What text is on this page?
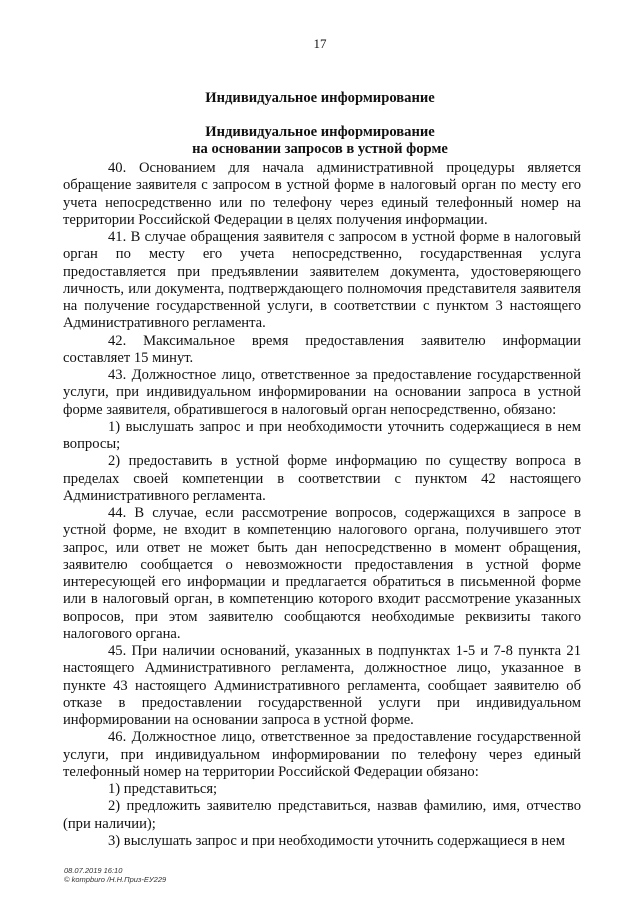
17
Индивидуальное информирование
Индивидуальное информирование
на основании запросов в устной форме

40. Основанием для начала административной процедуры является обращение заявителя с запросом в устной форме в налоговый орган по месту его учета непосредственно или по телефону через единый телефонный номер на территории Российской Федерации в целях получения информации.

41. В случае обращения заявителя с запросом в устной форме в налоговый орган по месту его учета непосредственно, государственная услуга предоставляется при предъявлении заявителем документа, удостоверяющего личность, или документа, подтверждающего полномочия представителя заявителя на получение государственной услуги, в соответствии с пунктом 3 настоящего Административного регламента.

42. Максимальное время предоставления заявителю информации составляет 15 минут.

43. Должностное лицо, ответственное за предоставление государственной услуги, при индивидуальном информировании на основании запроса в устной форме заявителя, обратившегося в налоговый орган непосредственно, обязано:

1) выслушать запрос и при необходимости уточнить содержащиеся в нем вопросы;

2) предоставить в устной форме информацию по существу вопроса в пределах своей компетенции в соответствии с пунктом 42 настоящего Административного регламента.

44. В случае, если рассмотрение вопросов, содержащихся в запросе в устной форме, не входит в компетенцию налогового органа, получившего этот запрос, или ответ не может быть дан непосредственно в момент обращения, заявителю сообщается о невозможности предоставления в устной форме интересующей его информации и предлагается обратиться в письменной форме или в налоговый орган, в компетенцию которого входит рассмотрение указанных вопросов, при этом заявителю сообщаются необходимые реквизиты такого налогового органа.

45. При наличии оснований, указанных в подпунктах 1-5 и 7-8 пункта 21 настоящего Административного регламента, должностное лицо, указанное в пункте 43 настоящего Административного регламента, сообщает заявителю об отказе в предоставлении государственной услуги при индивидуальном информировании на основании запроса в устной форме.

46. Должностное лицо, ответственное за предоставление государственной услуги, при индивидуальном информировании по телефону через единый телефонный номер на территории Российской Федерации обязано:

1) представиться;

2) предложить заявителю представиться, назвав фамилию, имя, отчество (при наличии);

3) выслушать запрос и при необходимости уточнить содержащиеся в нем

08.07.2019 16:10
© kompburo /Н.Н.Приз-ЕУ229
